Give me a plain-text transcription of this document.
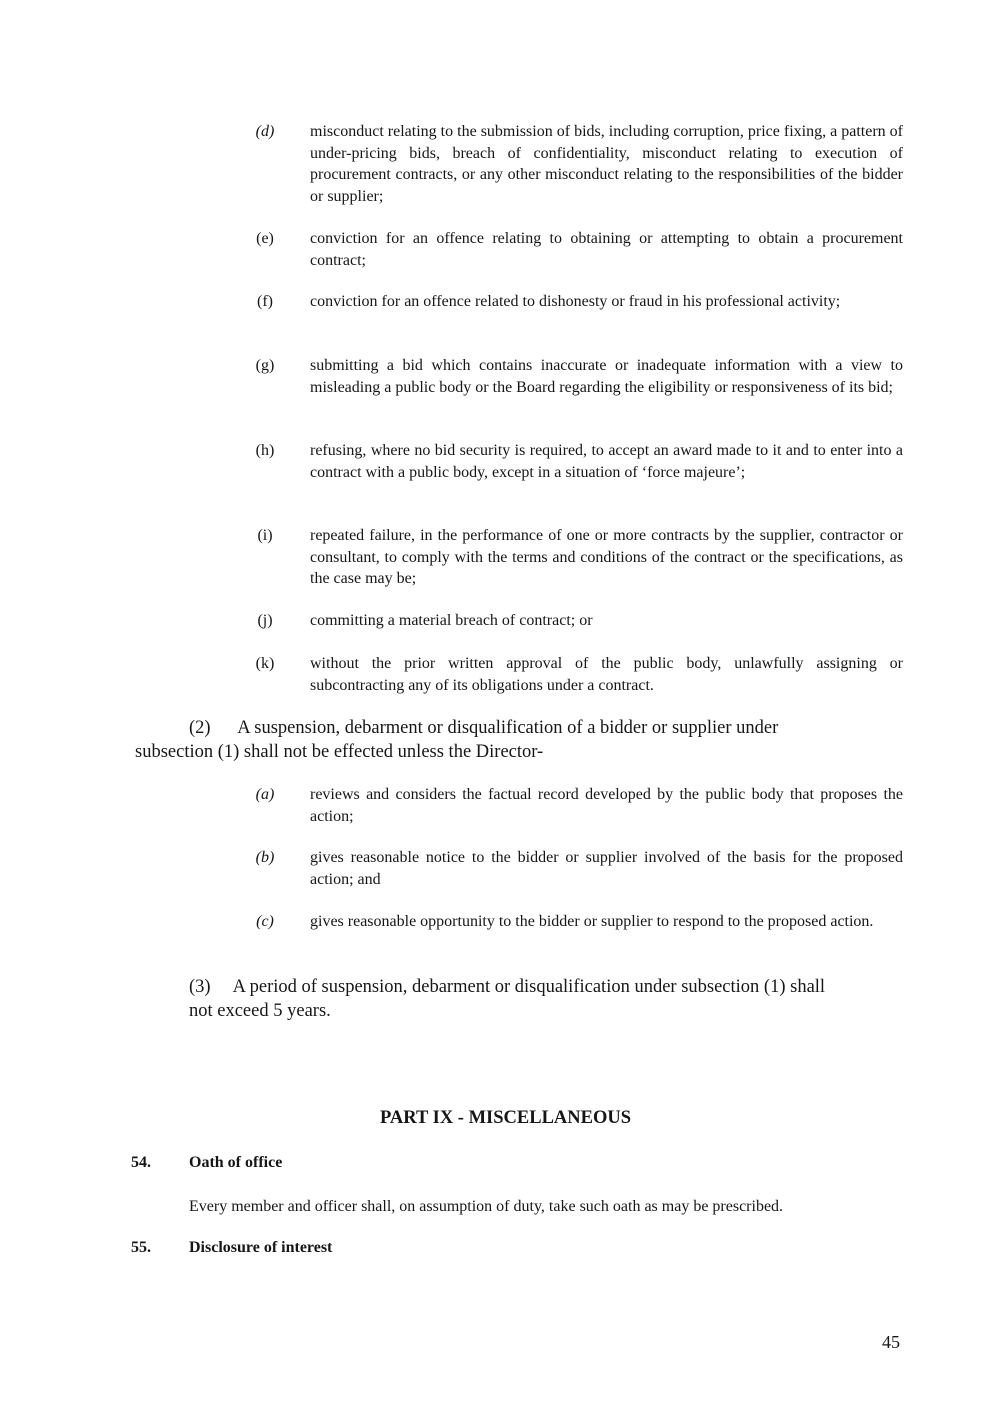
(d)	misconduct relating to the submission of bids, including corruption, price fixing, a pattern of under-pricing bids, breach of confidentiality, misconduct relating to execution of procurement contracts, or any other misconduct relating to the responsibilities of the bidder or supplier;
(e)	conviction for an offence relating to obtaining or attempting to obtain a procurement contract;
(f)	conviction for an offence related to dishonesty or fraud in his professional activity;
(g)	submitting a bid which contains inaccurate or inadequate information with a view to misleading a public body or the Board regarding the eligibility or responsiveness of its bid;
(h)	refusing, where no bid security is required, to accept an award made to it and to enter into a contract with a public body, except in a situation of ‘force majeure’;
(i)	repeated failure, in the performance of one or more contracts by the supplier, contractor or consultant, to comply with the terms and conditions of the contract or the specifications, as the case may be;
(j)	committing a material breach of contract; or
(k)	without the prior written approval of the public body, unlawfully assigning or subcontracting any of its obligations under a contract.
(2)      A suspension, debarment or disqualification of a bidder or supplier under
subsection (1) shall not be effected unless the Director-
(a)	reviews and considers the factual record developed by the public body that proposes the action;
(b)	gives reasonable notice to the bidder or supplier involved of the basis for the proposed action; and
(c)	gives reasonable opportunity to the bidder or supplier to respond to the proposed action.
(3)     A period of suspension, debarment or disqualification under subsection (1) shall
not exceed 5 years.
PART IX - MISCELLANEOUS
54. Oath of office
Every member and officer shall, on assumption of duty, take such oath as may be prescribed.
55. Disclosure of interest
45
